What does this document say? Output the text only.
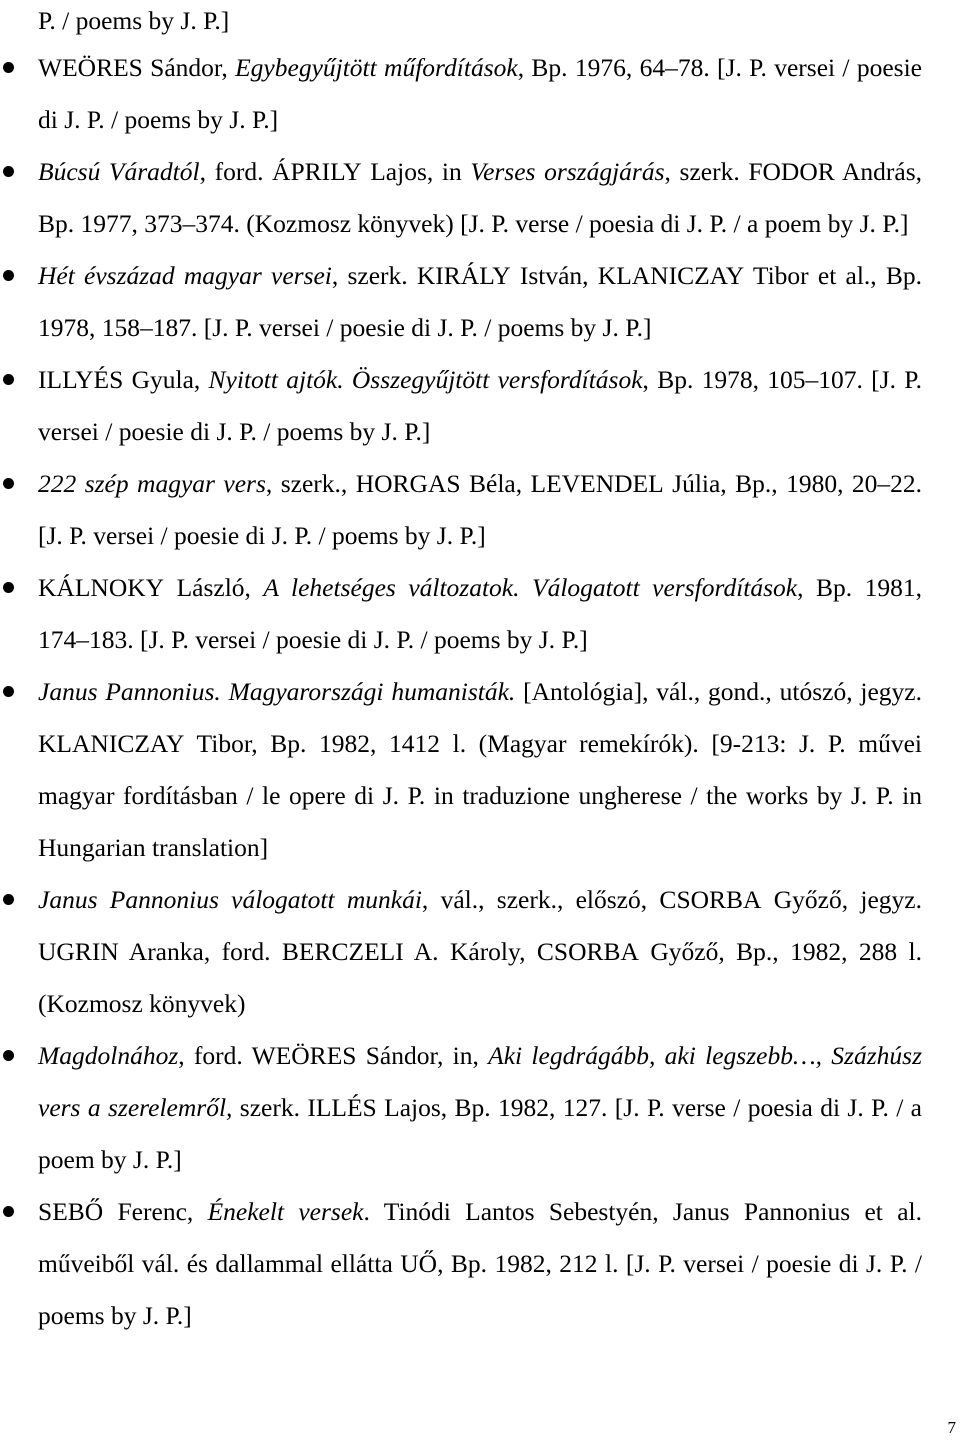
P. / poems by J. P.]
WEÖRES Sándor, Egybegyűjtött műfordítások, Bp. 1976, 64–78. [J. P. versei / poesie di J. P. / poems by J. P.]
Búcsú Váradtól, ford. ÁPRILY Lajos, in Verses országjárás, szerk. FODOR András, Bp. 1977, 373–374. (Kozmosz könyvek) [J. P. verse / poesia di J. P. / a poem by J. P.]
Hét évszázad magyar versei, szerk. KIRÁLY István, KLANICZAY Tibor et al., Bp. 1978, 158–187. [J. P. versei / poesie di J. P. / poems by J. P.]
ILLYÉS Gyula, Nyitott ajtók. Összegyűjtött versfordítások, Bp. 1978, 105–107. [J. P. versei / poesie di J. P. / poems by J. P.]
222 szép magyar vers, szerk., HORGAS Béla, LEVENDEL Júlia, Bp., 1980, 20–22. [J. P. versei / poesie di J. P. / poems by J. P.]
KÁLNOKY László, A lehetséges változatok. Válogatott versfordítások, Bp. 1981, 174–183. [J. P. versei / poesie di J. P. / poems by J. P.]
Janus Pannonius. Magyarországi humanisták. [Antológia], vál., gond., utószó, jegyz. KLANICZAY Tibor, Bp. 1982, 1412 l. (Magyar remekírók). [9-213: J. P. művei magyar fordításban / le opere di J. P. in traduzione ungherese / the works by J. P. in Hungarian translation]
Janus Pannonius válogatott munkái, vál., szerk., előszó, CSORBA Győző, jegyz. UGRIN Aranka, ford. BERCZELI A. Károly, CSORBA Győző, Bp., 1982, 288 l. (Kozmosz könyvek)
Magdolnához, ford. WEÖRES Sándor, in, Aki legdrágább, aki legszebb…, Százhúsz vers a szerelemről, szerk. ILLÉS Lajos, Bp. 1982, 127. [J. P. verse / poesia di J. P. / a poem by J. P.]
SEBŐ Ferenc, Énekelt versek. Tinódi Lantos Sebestyén, Janus Pannonius et al. műveiből vál. és dallammal ellátta UŐ, Bp. 1982, 212 l. [J. P. versei / poesie di J. P. / poems by J. P.]
7
